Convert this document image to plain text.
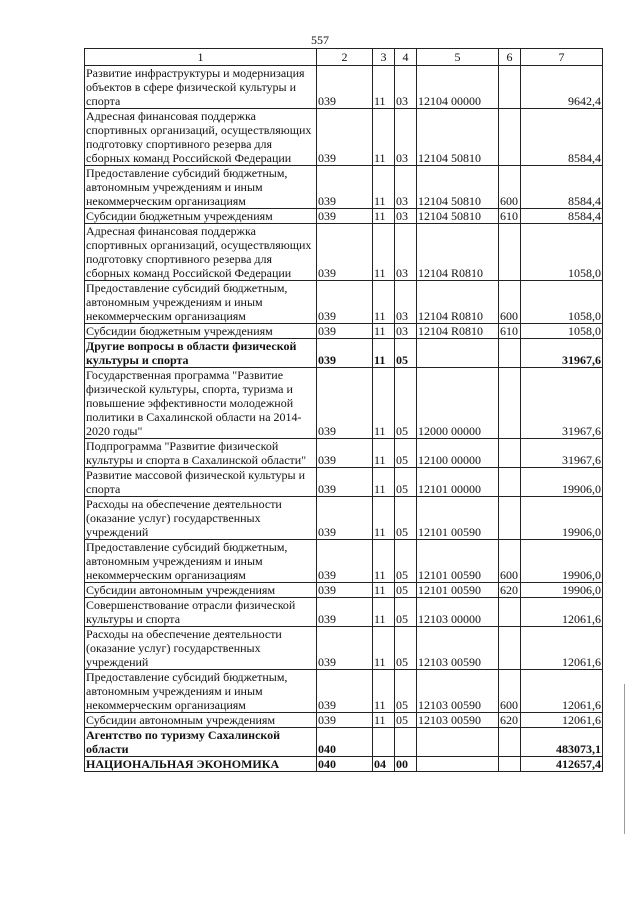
557
1	2	3	4	5	6	7
Развитие инфраструктуры и модернизация объектов в сфере физической культуры и спорта	039	11	03	12104 00000		9642,4
Адресная финансовая поддержка спортивных организаций, осуществляющих подготовку спортивного резерва для сборных команд Российской Федерации	039	11	03	12104 50810		8584,4
Предоставление субсидий бюджетным, автономным учреждениям и иным некоммерческим организациям	039	11	03	12104 50810	600	8584,4
Субсидии бюджетным учреждениям	039	11	03	12104 50810	610	8584,4
Адресная финансовая поддержка спортивных организаций, осуществляющих подготовку спортивного резерва для сборных команд Российской Федерации	039	11	03	12104 R0810		1058,0
Предоставление субсидий бюджетным, автономным учреждениям и иным некоммерческим организациям	039	11	03	12104 R0810	600	1058,0
Субсидии бюджетным учреждениям	039	11	03	12104 R0810	610	1058,0
Другие вопросы в области физической культуры и спорта	039	11	05			31967,6
Государственная программа "Развитие физической культуры, спорта, туризма и повышение эффективности молодежной политики в Сахалинской области на 2014-2020 годы"	039	11	05	12000 00000		31967,6
Подпрограмма "Развитие физической культуры и спорта в Сахалинской области"	039	11	05	12100 00000		31967,6
Развитие массовой физической культуры и спорта	039	11	05	12101 00000		19906,0
Расходы на обеспечение деятельности (оказание услуг) государственных учреждений	039	11	05	12101 00590		19906,0
Предоставление субсидий бюджетным, автономным учреждениям и иным некоммерческим организациям	039	11	05	12101 00590	600	19906,0
Субсидии автономным учреждениям	039	11	05	12101 00590	620	19906,0
Совершенствование отрасли физической культуры и спорта	039	11	05	12103 00000		12061,6
Расходы на обеспечение деятельности (оказание услуг) государственных учреждений	039	11	05	12103 00590		12061,6
Предоставление субсидий бюджетным, автономным учреждениям и иным некоммерческим организациям	039	11	05	12103 00590	600	12061,6
Субсидии автономным учреждениям	039	11	05	12103 00590	620	12061,6
Агентство по туризму Сахалинской области	040					483073,1
НАЦИОНАЛЬНАЯ ЭКОНОМИКА	040	04	00			412657,4
